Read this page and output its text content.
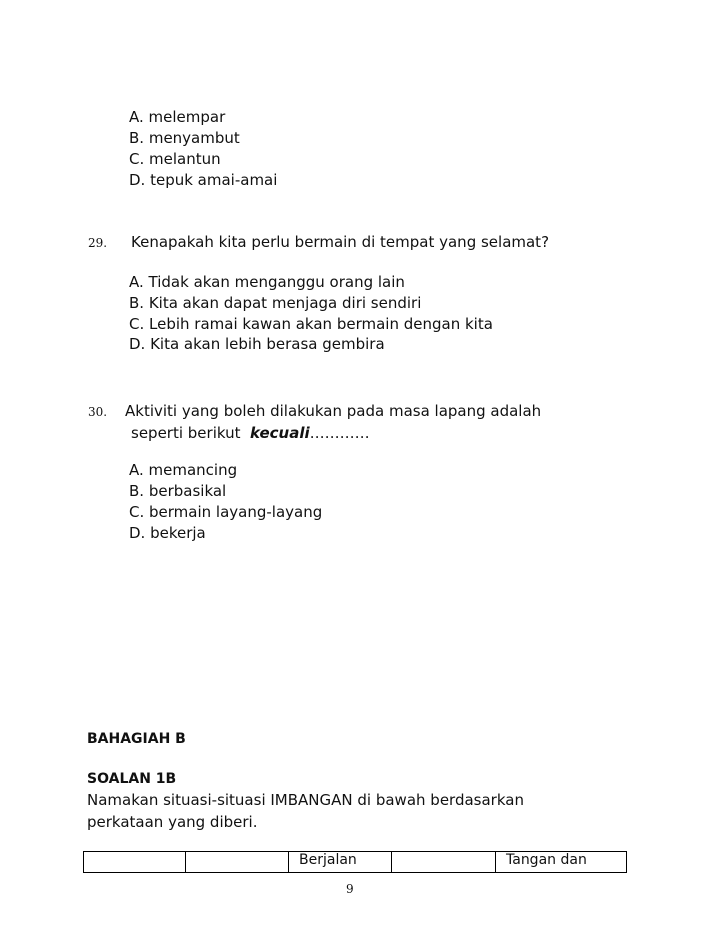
A. melempar
B. menyambut
C. melantun
D. tepuk amai-amai
29. Kenapakah kita perlu bermain di tempat yang selamat?
A. Tidak akan menganggu orang lain
B. Kita akan dapat menjaga diri sendiri
C. Lebih ramai kawan akan bermain dengan kita
D. Kita akan lebih berasa gembira
30. Aktiviti yang boleh dilakukan pada masa lapang adalah
seperti berikut kecuali…………
A. memancing
B. berbasikal
C. bermain layang-layang
D. bekerja
BAHAGIAH B
SOALAN 1B
Namakan situasi-situasi IMBANGAN di bawah berdasarkan
perkataan yang diberi.
		Berjalan		Tangan dan
9
